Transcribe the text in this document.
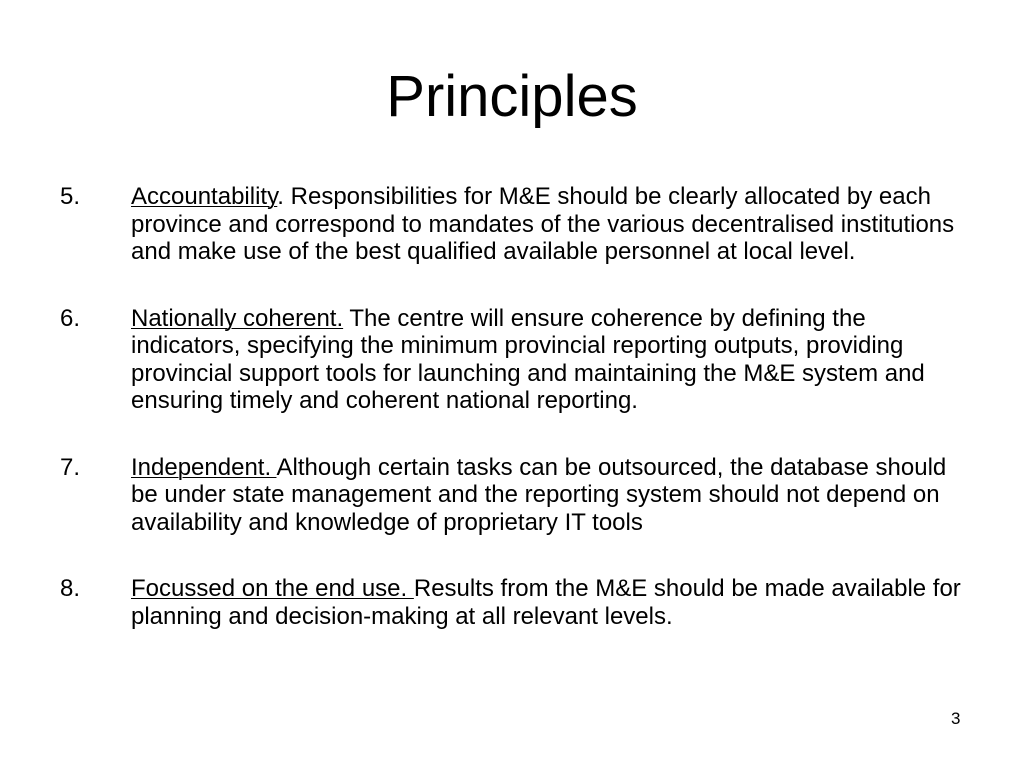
Principles
5.	Accountability. Responsibilities for M&E should be clearly allocated by each province and correspond to mandates of the various decentralised institutions and make use of the best qualified available personnel at local level.
6.	Nationally coherent. The centre will ensure coherence by defining the indicators, specifying the minimum provincial reporting outputs, providing provincial support tools for launching and maintaining the M&E system and ensuring timely and coherent national reporting.
7.	Independent. Although certain tasks can be outsourced, the database should be under state management and the reporting system should not depend on availability and knowledge of proprietary IT tools
8.	Focussed on the end use. Results from the M&E should be made available for planning and decision-making at all relevant levels.
3
